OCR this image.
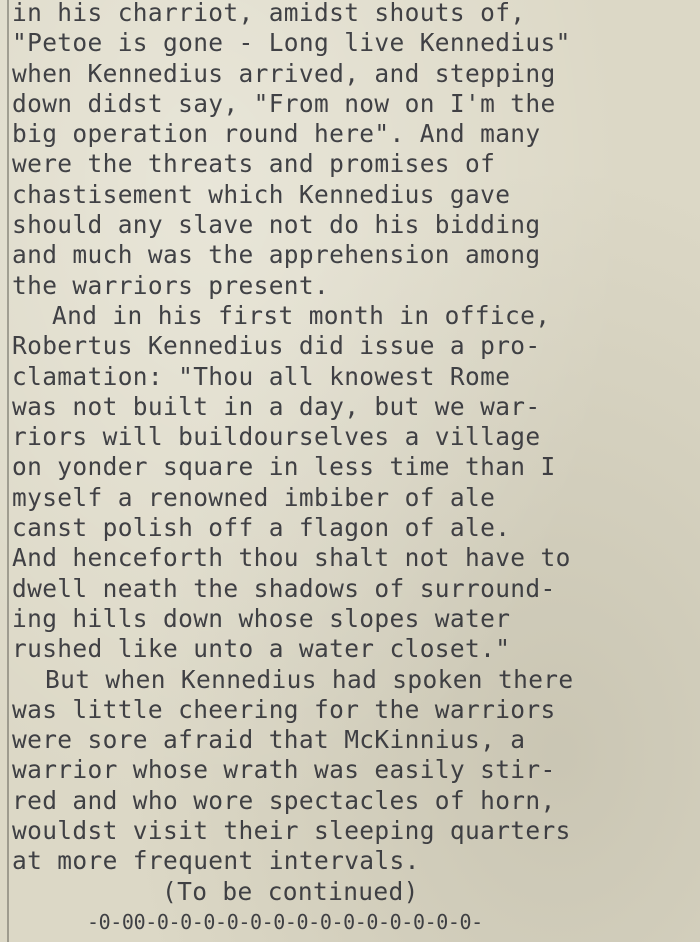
in his charriot, amidst shouts of,
"Petoe is gone - Long live Kennedius"
when Kennedius arrived, and stepping
down didst say, "From now on I'm the
big operation round here". And many
were the threats and promises of
chastisement which Kennedius gave
should any slave not do his bidding
and much was the apprehension among
the warriors present.
And in his first month in office,
Robertus Kennedius did issue a pro-
clamation: "Thou all knowest Rome
was not built in a day, but we war-
riors will buildourselves a village
on yonder square in less time than I
myself a renowned imbiber of ale
canst polish off a flagon of ale.
And henceforth thou shalt not have to
dwell neath the shadows of surround-
ing hills down whose slopes water
rushed like unto a water closet."
But when Kennedius had spoken there
was little cheering for the warriors
were sore afraid that McKinnius, a
warrior whose wrath was easily stir-
red and who wore spectacles of horn,
wouldst visit their sleeping quarters
at more frequent intervals.
(To be continued)
-0-00-0-0-0-0-0-0-0-0-0-0-0-0-0-0-
